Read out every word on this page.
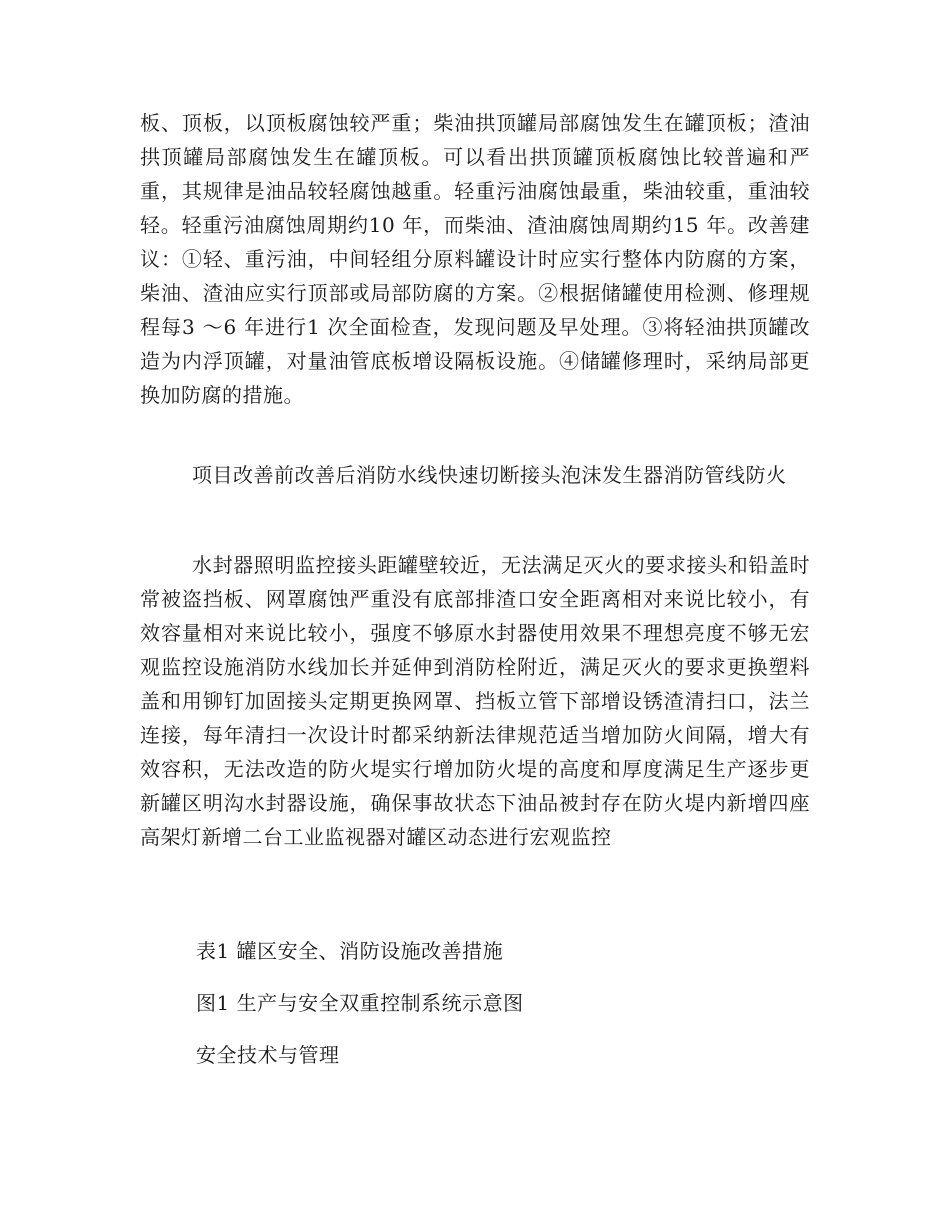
板、顶板，以顶板腐蚀较严重；柴油拱顶罐局部腐蚀发生在罐顶板；渣油拱顶罐局部腐蚀发生在罐顶板。可以看出拱顶罐顶板腐蚀比较普遍和严重，其规律是油品较轻腐蚀越重。轻重污油腐蚀最重，柴油较重，重油较轻。轻重污油腐蚀周期约10 年，而柴油、渣油腐蚀周期约15 年。改善建议：①轻、重污油，中间轻组分原料罐设计时应实行整体内防腐的方案，柴油、渣油应实行顶部或局部防腐的方案。②根据储罐使用检测、修理规程每3 ～6 年进行1 次全面检查，发现问题及早处理。③将轻油拱顶罐改造为内浮顶罐，对量油管底板增设隔板设施。④储罐修理时，采纳局部更换加防腐的措施。

项目改善前改善后消防水线快速切断接头泡沫发生器消防管线防火

水封器照明监控接头距罐壁较近，无法满足灭火的要求接头和铅盖时常被盗挡板、网罩腐蚀严重没有底部排渣口安全距离相对来说比较小，有效容量相对来说比较小，强度不够原水封器使用效果不理想亮度不够无宏观监控设施消防水线加长并延伸到消防栓附近，满足灭火的要求更换塑料盖和用铆钉加固接头定期更换网罩、挡板立管下部增设锈渣清扫口，法兰连接，每年清扫一次设计时都采纳新法律规范适当增加防火间隔，增大有效容积，无法改造的防火堤实行增加防火堤的高度和厚度满足生产逐步更新罐区明沟水封器设施，确保事故状态下油品被封存在防火堤内新增四座高架灯新增二台工业监视器对罐区动态进行宏观监控

表1 罐区安全、消防设施改善措施
图1 生产与安全双重控制系统示意图
安全技术与管理
